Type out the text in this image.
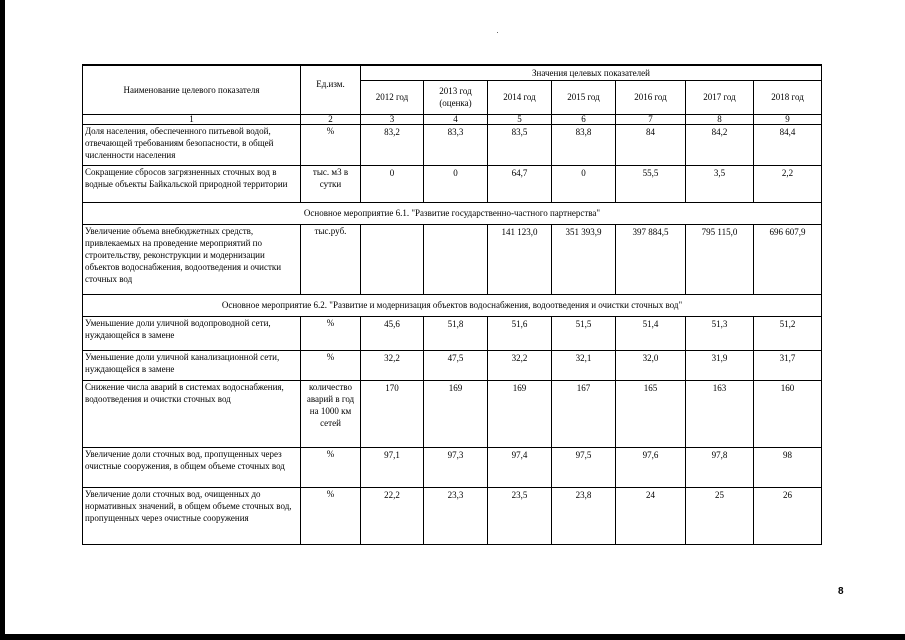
Наименование целевого показателя	Ед.изм.	Значения целевых показателей						
		2012 год	2013 год (оценка)	2014 год	2015 год	2016 год	2017 год	2018 год
1	2	3	4	5	6	7	8	9
Доля населения, обеспеченного питьевой водой, отвечающей требованиям безопасности, в общей численности населения	%	83,2	83,3	83,5	83,8	84	84,2	84,4
Сокращение сбросов загрязненных сточных вод в водные объекты Байкальской природной территории	тыс. м3 в сутки	0	0	64,7	0	55,5	3,5	2,2
Основное мероприятие 6.1. "Развитие государственно-частного партнерства"								
Увеличение объема внебюджетных средств, привлекаемых на проведение мероприятий по строительству, реконструкции и модернизации объектов водоснабжения, водоотведения и очистки сточных вод	тыс.руб.			141 123,0	351 393,9	397 884,5	795 115,0	696 607,9
Основное мероприятие 6.2. "Развитие и модернизация объектов водоснабжения, водоотведения и очистки сточных вод"								
Уменьшение доли уличной водопроводной сети, нуждающейся в замене	%	45,6	51,8	51,6	51,5	51,4	51,3	51,2
Уменьшение доли уличной канализационной сети, нуждающейся в замене	%	32,2	47,5	32,2	32,1	32,0	31,9	31,7
Снижение числа аварий в системах водоснабжения, водоотведения и очистки сточных вод	количество аварий в год на 1000 км сетей	170	169	169	167	165	163	160
Увеличение доли сточных вод, пропущенных через очистные сооружения, в общем объеме сточных вод	%	97,1	97,3	97,4	97,5	97,6	97,8	98
Увеличение доли сточных вод, очищенных до нормативных значений, в общем объеме сточных вод, пропущенных через очистные сооружения	%	22,2	23,3	23,5	23,8	24	25	26
8
